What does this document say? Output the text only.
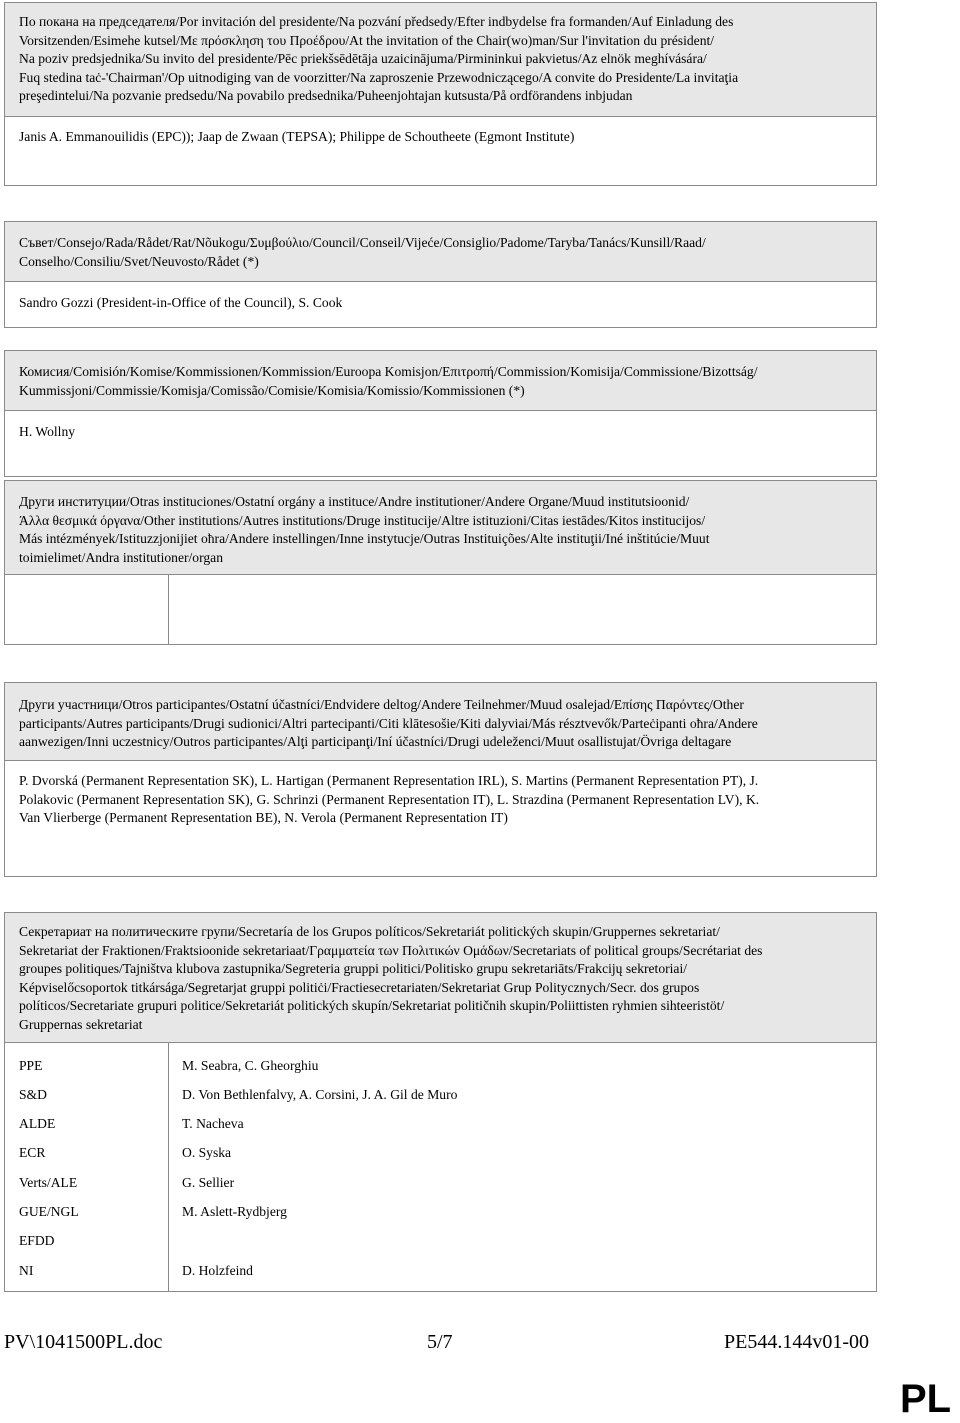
По покана на председателя/Por invitación del presidente/Na pozvání předsedy/Efter indbydelse fra formanden/Auf Einladung des
Vorsitzenden/Esimehe kutsel/Με πρόσκληση του Προέδρου/At the invitation of the Chair(wo)man/Sur l'invitation du président/
Na poziv predsjednika/Su invito del presidente/Pēc priekšsēdētāja uzaicinājuma/Pirmininkui pakvietus/Az elnök meghívására/
Fuq stedina taċ-'Chairman'/Op uitnodiging van de voorzitter/Na zaproszenie Przewodniczącego/A convite do Presidente/La invitaţia
preşedintelui/Na pozvanie predsedu/Na povabilo predsednika/Puheenjohtajan kutsusta/På ordförandens inbjudan
Janis A. Emmanouilidis (EPC)); Jaap de Zwaan (TEPSA); Philippe de Schoutheete (Egmont Institute)
Съвет/Consejo/Rada/Rådet/Rat/Nõukogu/Συμβούλιο/Council/Conseil/Vijeće/Consiglio/Padome/Taryba/Tanács/Kunsill/Raad/
Conselho/Consiliu/Svet/Neuvosto/Rådet (*)
Sandro Gozzi (President-in-Office of the Council), S. Cook
Комисия/Comisión/Komise/Kommissionen/Kommission/Euroopa Komisjon/Επιτροπή/Commission/Komisija/Commissione/Bizottság/
Kummissjoni/Commissie/Komisja/Comissão/Comisie/Komisia/Komissio/Kommissionen (*)
H. Wollny
Други институции/Otras instituciones/Ostatní orgány a instituce/Andre institutioner/Andere Organe/Muud institutsioonid/
Άλλα θεσμικά όργανα/Other institutions/Autres institutions/Druge institucije/Altre istituzioni/Citas iestādes/Kitos institucijos/
Más intézmények/Istituzzjonijiet oħra/Andere instellingen/Inne instytucje/Outras Instituições/Alte instituţii/Iné inštitúcie/Muut
toimielimet/Andra institutioner/organ
Други участници/Otros participantes/Ostatní účastníci/Endvidere deltog/Andere Teilnehmer/Muud osalejad/Επίσης Παρόντες/Other
participants/Autres participants/Drugi sudionici/Altri partecipanti/Citi klātesošie/Kiti dalyviai/Más résztvevők/Parteċipanti oħra/Andere
aanwezigen/Inni uczestnicy/Outros participantes/Alţi participanţi/Iní účastníci/Drugi udeleženci/Muut osallistujat/Övriga deltagare
P. Dvorská (Permanent Representation SK), L. Hartigan (Permanent Representation IRL), S. Martins (Permanent Representation PT), J.
Polakovic (Permanent Representation SK), G. Schrinzi (Permanent Representation IT), L. Strazdina (Permanent Representation LV), K.
Van Vlierberge (Permanent Representation BE), N. Verola (Permanent Representation IT)
Секретариат на политическите групи/Secretaría de los Grupos políticos/Sekretariát politických skupin/Gruppernes sekretariat/
Sekretariat der Fraktionen/Fraktsioonide sekretariaat/Γραμματεία των Πολιτικών Ομάδων/Secretariats of political groups/Secrétariat des
groupes politiques/Tajništva klubova zastupnika/Segreteria gruppi politici/Politisko grupu sekretariāts/Frakcijų sekretoriai/
Képviselőcsoportok titkársága/Segretarjat gruppi politiċi/Fractiesecretariaten/Sekretariat Grup Politycznych/Secr. dos grupos
políticos/Secretariate grupuri politice/Sekretariát politických skupín/Sekretariat političnih skupin/Poliittisten ryhmien sihteeristöt/
Gruppernas sekretariat
PPE	M. Seabra, C. Gheorghiu
S&D	D. Von Bethlenfalvy, A. Corsini, J. A. Gil de Muro
ALDE	T. Nacheva
ECR	O. Syska
Verts/ALE	G. Sellier
GUE/NGL	M. Aslett-Rydbjerg
EFDD
NI	D. Holzfeind
PV\1041500PL.doc	5/7	PE544.144v01-00
PL
